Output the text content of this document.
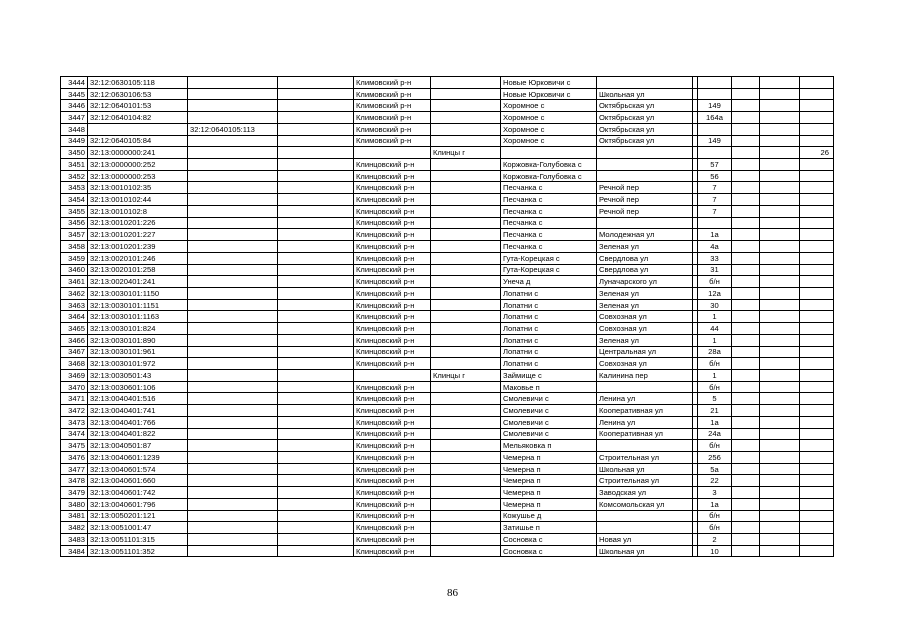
3444	32:12:0630105:118			Климовский р-н		Новые Юрковичи с						
3445	32:12:0630106:53			Климовский р-н		Новые Юрковичи с	Школьная ул					
3446	32:12:0640101:53			Климовский р-н		Хоромное с	Октябрьская ул		149			
3447	32:12:0640104:82			Климовский р-н		Хоромное с	Октябрьская ул		164а			
3448		32:12:0640105:113		Климовский р-н		Хоромное с	Октябрьская ул					
3449	32:12:0640105:84			Климовский р-н		Хоромное с	Октябрьская ул		149			
3450	32:13:0000000:241				Клинцы г							26
3451	32:13:0000000:252			Клинцовский р-н		Коржовка-Голубовка с			57			
3452	32:13:0000000:253			Клинцовский р-н		Коржовка-Голубовка с			56			
3453	32:13:0010102:35			Клинцовский р-н		Песчанка с	Речной пер		7			
3454	32:13:0010102:44			Клинцовский р-н		Песчанка с	Речной пер		7			
3455	32:13:0010102:8			Клинцовский р-н		Песчанка с	Речной пер		7			
3456	32:13:0010201:226			Клинцовский р-н		Песчанка с						
3457	32:13:0010201:227			Клинцовский р-н		Песчанка с	Молодежная ул		1а			
3458	32:13:0010201:239			Клинцовский р-н		Песчанка с	Зеленая ул		4а			
3459	32:13:0020101:246			Клинцовский р-н		Гута-Корецкая с	Свердлова ул		33			
3460	32:13:0020101:258			Клинцовский р-н		Гута-Корецкая с	Свердлова ул		31			
3461	32:13:0020401:241			Клинцовский р-н		Унеча д	Луначарского ул		б/н			
3462	32:13:0030101:1150			Клинцовский р-н		Лопатни с	Зеленая ул		12а			
3463	32:13:0030101:1151			Клинцовский р-н		Лопатни с	Зеленая ул		30			
3464	32:13:0030101:1163			Клинцовский р-н		Лопатни с	Совхозная ул		1			
3465	32:13:0030101:824			Клинцовский р-н		Лопатни с	Совхозная ул		44			
3466	32:13:0030101:890			Клинцовский р-н		Лопатни с	Зеленая ул		1			
3467	32:13:0030101:961			Клинцовский р-н		Лопатни с	Центральная ул		28а			
3468	32:13:0030101:972			Клинцовский р-н		Лопатни с	Совхозная ул		б/н			
3469	32:13:0030501:43				Клинцы г	Займище с	Калинина пер		1			
3470	32:13:0030601:106			Клинцовский р-н		Маковье п			б/н			
3471	32:13:0040401:516			Клинцовский р-н		Смолевичи с	Ленина ул		5			
3472	32:13:0040401:741			Клинцовский р-н		Смолевичи с	Кооперативная ул		21			
3473	32:13:0040401:766			Клинцовский р-н		Смолевичи с	Ленина ул		1а			
3474	32:13:0040401:822			Клинцовский р-н		Смолевичи с	Кооперативная ул		24а			
3475	32:13:0040501:87			Клинцовский р-н		Мельяковка п			б/н			
3476	32:13:0040601:1239			Клинцовский р-н		Чемерна п	Строительная ул		256			
3477	32:13:0040601:574			Клинцовский р-н		Чемерна п	Школьная ул		5а			
3478	32:13:0040601:660			Клинцовский р-н		Чемерна п	Строительная ул		22			
3479	32:13:0040601:742			Клинцовский р-н		Чемерна п	Заводская ул		3			
3480	32:13:0040601:796			Клинцовский р-н		Чемерна п	Комсомольская ул		1а			
3481	32:13:0050201:121			Клинцовский р-н		Кожушье д			б/н			
3482	32:13:0051001:47			Клинцовский р-н		Затишье п			б/н			
3483	32:13:0051101:315			Клинцовский р-н		Сосновка с	Новая ул		2			
3484	32:13:0051101:352			Клинцовский р-н		Сосновка с	Школьная ул		10			
86
